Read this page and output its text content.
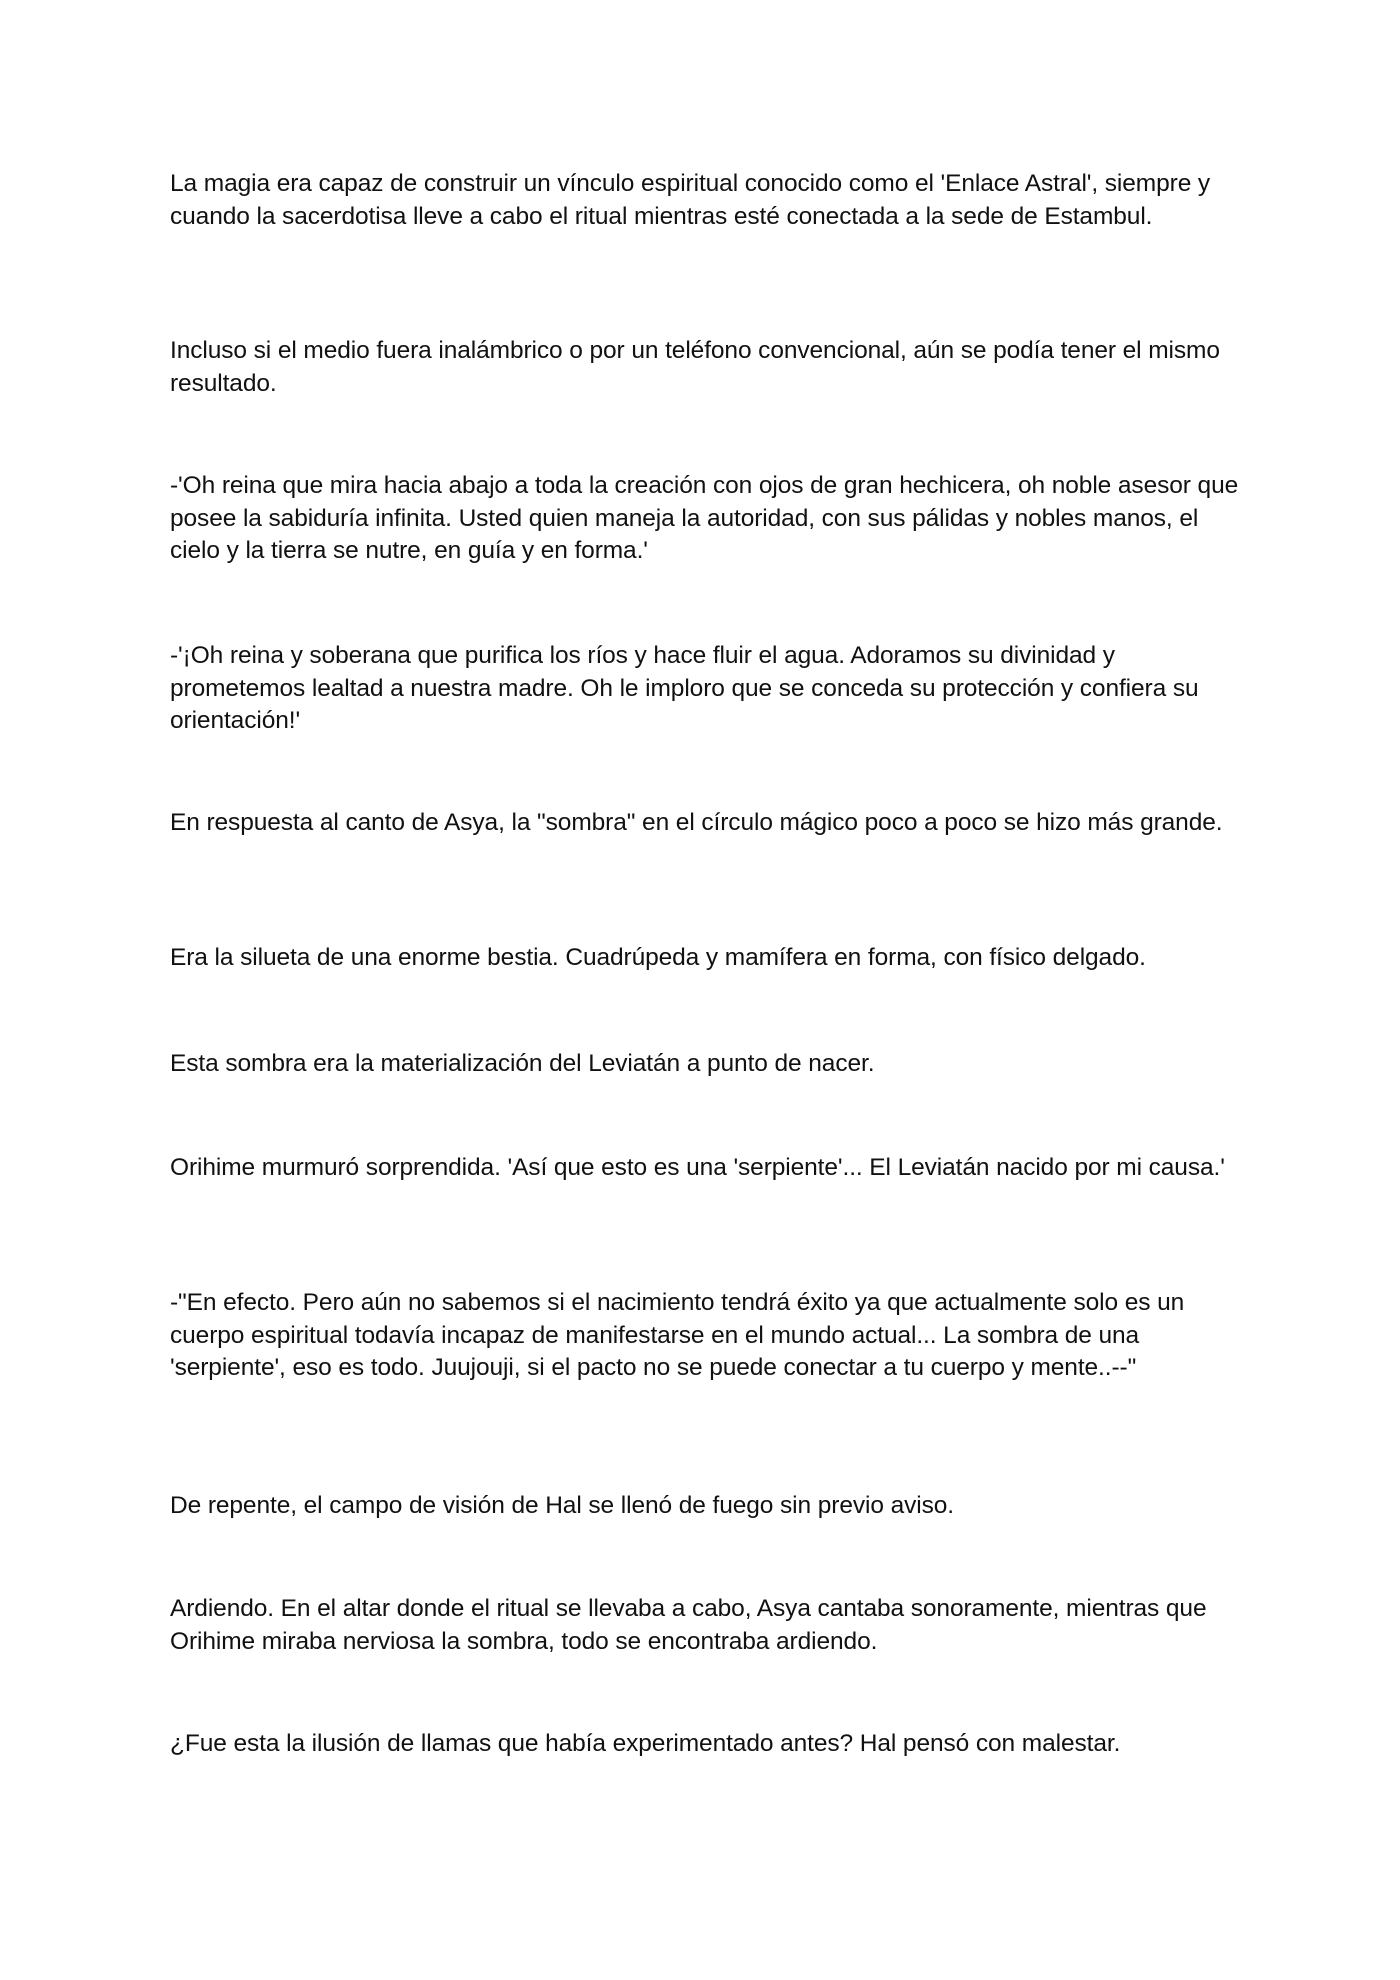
La magia era capaz de construir un vínculo espiritual conocido como el 'Enlace Astral', siempre y cuando la sacerdotisa lleve a cabo el ritual mientras esté conectada a la sede de Estambul.

Incluso si el medio fuera inalámbrico o por un teléfono convencional, aún se podía tener el mismo resultado.

-'Oh reina que mira hacia abajo a toda la creación con ojos de gran hechicera, oh noble asesor que posee la sabiduría infinita. Usted quien maneja la autoridad, con sus pálidas y nobles manos, el cielo y la tierra se nutre, en guía y en forma.'

-'¡Oh reina y soberana que purifica los ríos y hace fluir el agua. Adoramos su divinidad y prometemos lealtad a nuestra madre. Oh le imploro que se conceda su protección y confiera su orientación!'

En respuesta al canto de Asya, la "sombra" en el círculo mágico poco a poco se hizo más grande.

Era la silueta de una enorme bestia. Cuadrúpeda y mamífera en forma, con físico delgado.

Esta sombra era la materialización del Leviatán a punto de nacer.

Orihime murmuró sorprendida. 'Así que esto es una 'serpiente'... El Leviatán nacido por mi causa.'

-"En efecto. Pero aún no sabemos si el nacimiento tendrá éxito ya que actualmente solo es un cuerpo espiritual todavía incapaz de manifestarse en el mundo actual... La sombra de una 'serpiente', eso es todo. Juujouji, si el pacto no se puede conectar a tu cuerpo y mente..--"

De repente, el campo de visión de Hal se llenó de fuego sin previo aviso.

Ardiendo. En el altar donde el ritual se llevaba a cabo, Asya cantaba sonoramente, mientras que Orihime miraba nerviosa la sombra, todo se encontraba ardiendo.

¿Fue esta la ilusión de llamas que había experimentado antes? Hal pensó con malestar.
